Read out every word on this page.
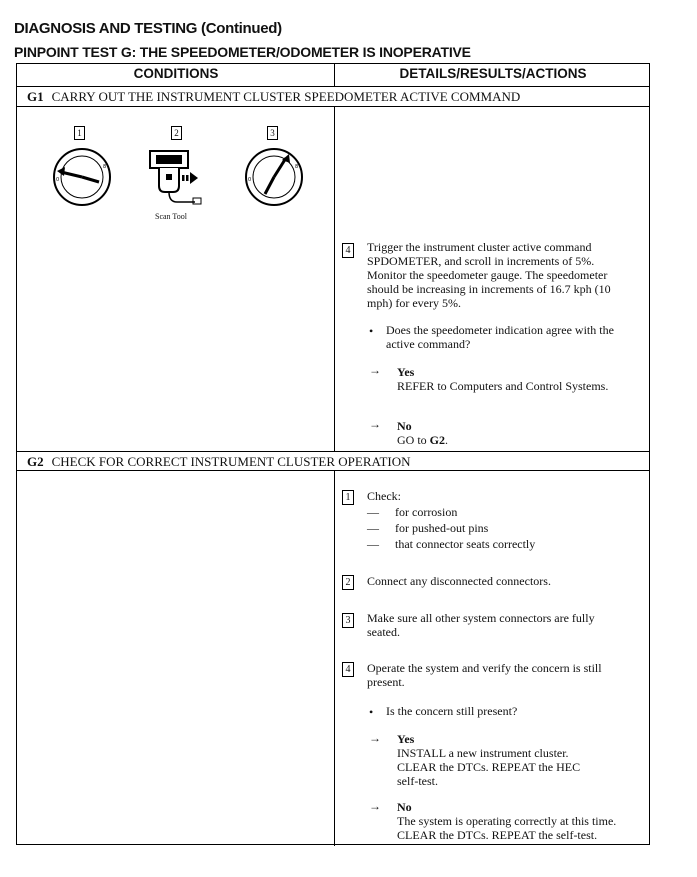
DIAGNOSIS AND TESTING (Continued)
PINPOINT TEST G: THE SPEEDOMETER/ODOMETER IS INOPERATIVE
CONDITIONS	DETAILS/RESULTS/ACTIONS
G1 CARRY OUT THE INSTRUMENT CLUSTER SPEEDOMETER ACTIVE COMMAND
1	2	3
0
8
Scan Tool
0
8
4 Trigger the instrument cluster active command
SPDOMETER, and scroll in increments of 5%.
Monitor the speedometer gauge. The speedometer
should be increasing in increments of 16.7 kph (10
mph) for every 5%.
• Does the speedometer indication agree with the
active command?
→ Yes
REFER to Computers and Control Systems.
→ No
GO to G2.
G2 CHECK FOR CORRECT INSTRUMENT CLUSTER OPERATION
1 Check:
— for corrosion
— for pushed-out pins
— that connector seats correctly
2 Connect any disconnected connectors.
3 Make sure all other system connectors are fully
seated.
4 Operate the system and verify the concern is still
present.
• Is the concern still present?
→ Yes
INSTALL a new instrument cluster.
CLEAR the DTCs. REPEAT the HEC
self-test.
→ No
The system is operating correctly at this time.
CLEAR the DTCs. REPEAT the self-test.
